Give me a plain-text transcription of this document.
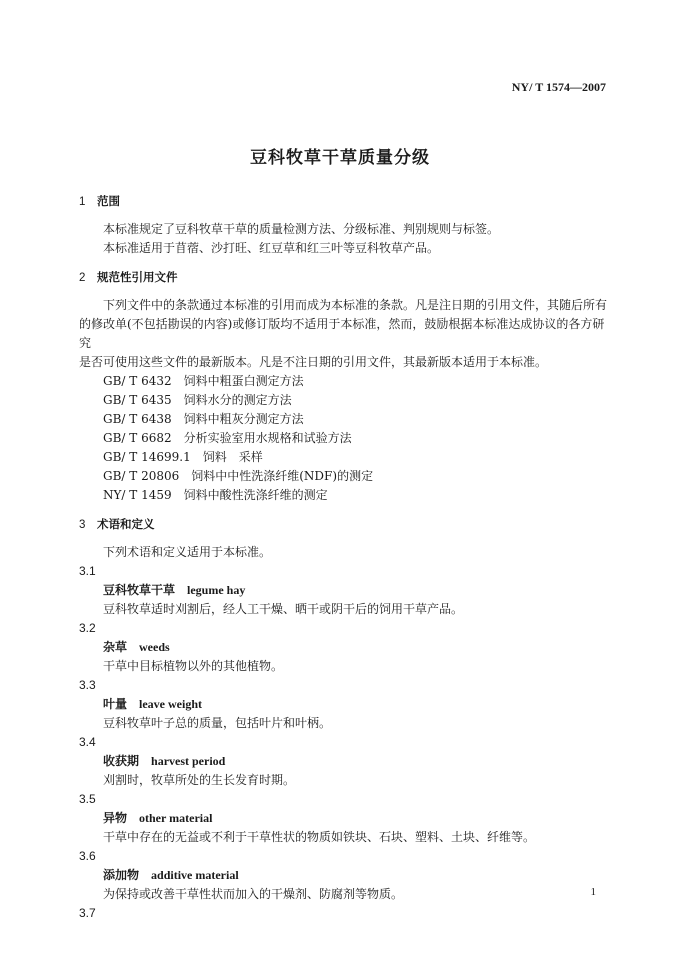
NY/ T 1574—2007
豆科牧草干草质量分级

1 范围

本标准规定了豆科牧草干草的质量检测方法、分级标准、判别规则与标签。

本标准适用于苜蓿、沙打旺、红豆草和红三叶等豆科牧草产品。

2 规范性引用文件

下列文件中的条款通过本标准的引用而成为本标准的条款。凡是注日期的引用文件，其随后所有

的修改单(不包括勘误的内容)或修订版均不适用于本标准，然而，鼓励根据本标准达成协议的各方研究

是否可使用这些文件的最新版本。凡是不注日期的引用文件，其最新版本适用于本标准。

GB/ T 6432　饲料中粗蛋白测定方法

GB/ T 6435　饲料水分的测定方法

GB/ T 6438　饲料中粗灰分测定方法

GB/ T 6682　分析实验室用水规格和试验方法

GB/ T 14699.1　饲料　采样

GB/ T 20806　饲料中中性洗涤纤维(NDF)的测定

NY/ T 1459　饲料中酸性洗涤纤维的测定

3 术语和定义

下列术语和定义适用于本标准。

3.1

豆科牧草干草 legume hay

豆科牧草适时刈割后，经人工干燥、晒干或阴干后的饲用干草产品。

3.2

杂草 weeds

干草中目标植物以外的其他植物。

3.3

叶量 leave weight

豆科牧草叶子总的质量，包括叶片和叶柄。

3.4

收获期 harvest period

刈割时，牧草所处的生长发育时期。

3.5

异物 other material

干草中存在的无益或不利于干草性状的物质如铁块、石块、塑料、土块、纤维等。

3.6

添加物 additive material

为保持或改善干草性状而加入的干燥剂、防腐剂等物质。

3.7

1
